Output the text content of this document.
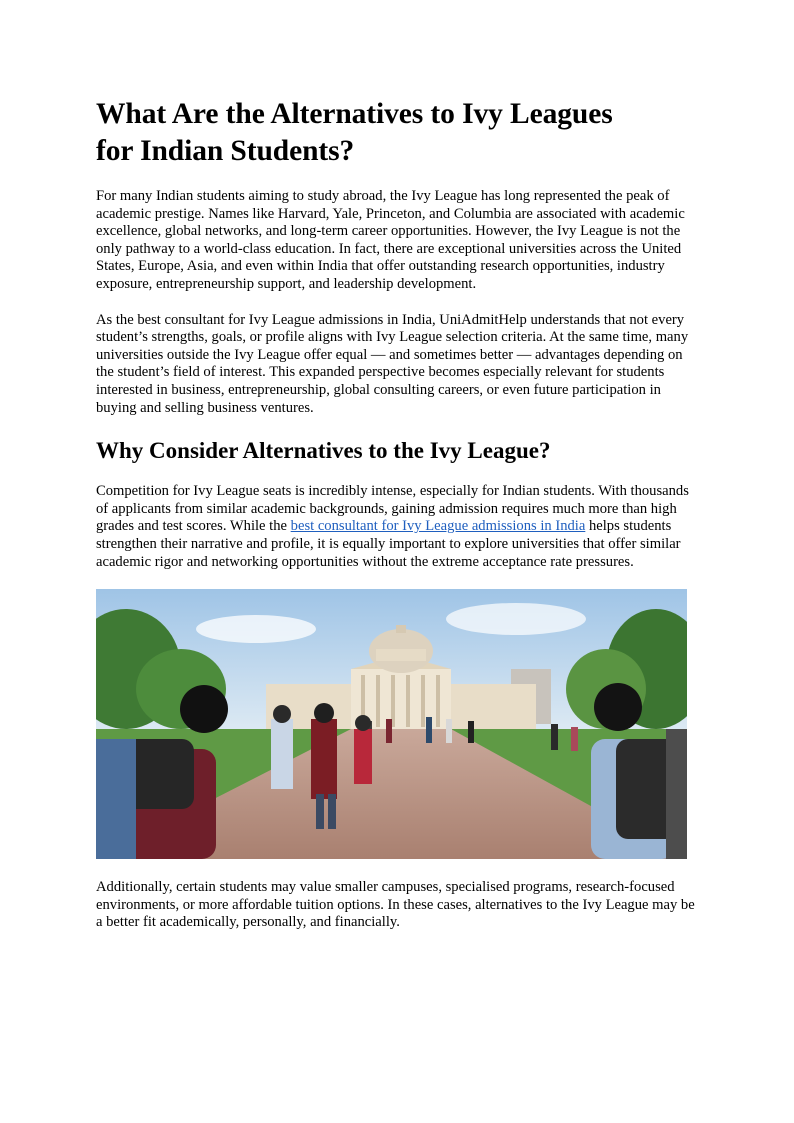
What Are the Alternatives to Ivy Leagues
for Indian Students?

For many Indian students aiming to study abroad, the Ivy League has long represented the peak of academic prestige. Names like Harvard, Yale, Princeton, and Columbia are associated with academic excellence, global networks, and long-term career opportunities. However, the Ivy League is not the only pathway to a world-class education. In fact, there are exceptional universities across the United States, Europe, Asia, and even within India that offer outstanding research opportunities, industry exposure, entrepreneurship support, and leadership development.

As the best consultant for Ivy League admissions in India, UniAdmitHelp understands that not every student’s strengths, goals, or profile aligns with Ivy League selection criteria. At the same time, many universities outside the Ivy League offer equal — and sometimes better — advantages depending on the student’s field of interest. This expanded perspective becomes especially relevant for students interested in business, entrepreneurship, global consulting careers, or even future participation in buying and selling business ventures.

Why Consider Alternatives to the Ivy League?

Competition for Ivy League seats is incredibly intense, especially for Indian students. With thousands of applicants from similar academic backgrounds, gaining admission requires much more than high grades and test scores. While the best consultant for Ivy League admissions in India helps students strengthen their narrative and profile, it is equally important to explore universities that offer similar academic rigor and networking opportunities without the extreme acceptance rate pressures.

Additionally, certain students may value smaller campuses, specialised programs, research-focused environments, or more affordable tuition options. In these cases, alternatives to the Ivy League may be a better fit academically, personally, and financially.
